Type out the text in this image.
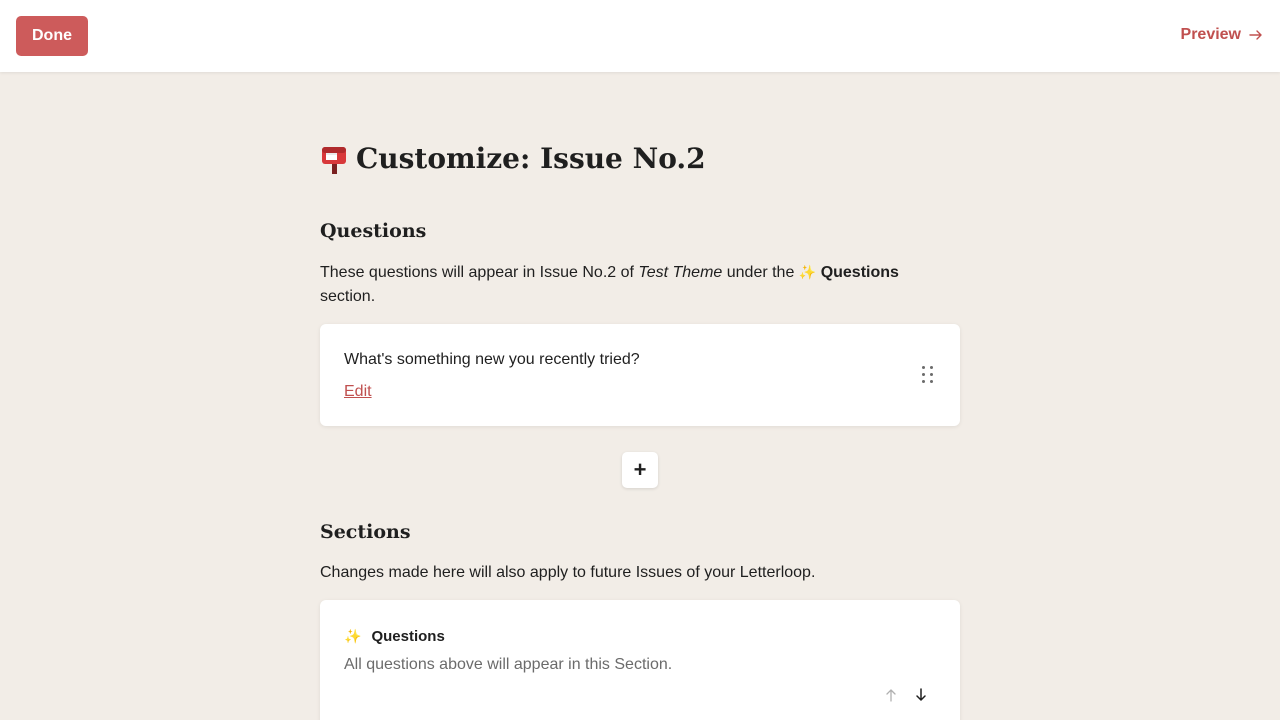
Done	Preview
Customize: Issue No.2
Questions

These questions will appear in Issue No.2 of Test Theme under the ✨ Questions
section.

What's something new you recently tried?
Edit
+
Sections

Changes made here will also apply to future Issues of your Letterloop.

✨ Questions
All questions above will appear in this Section.
